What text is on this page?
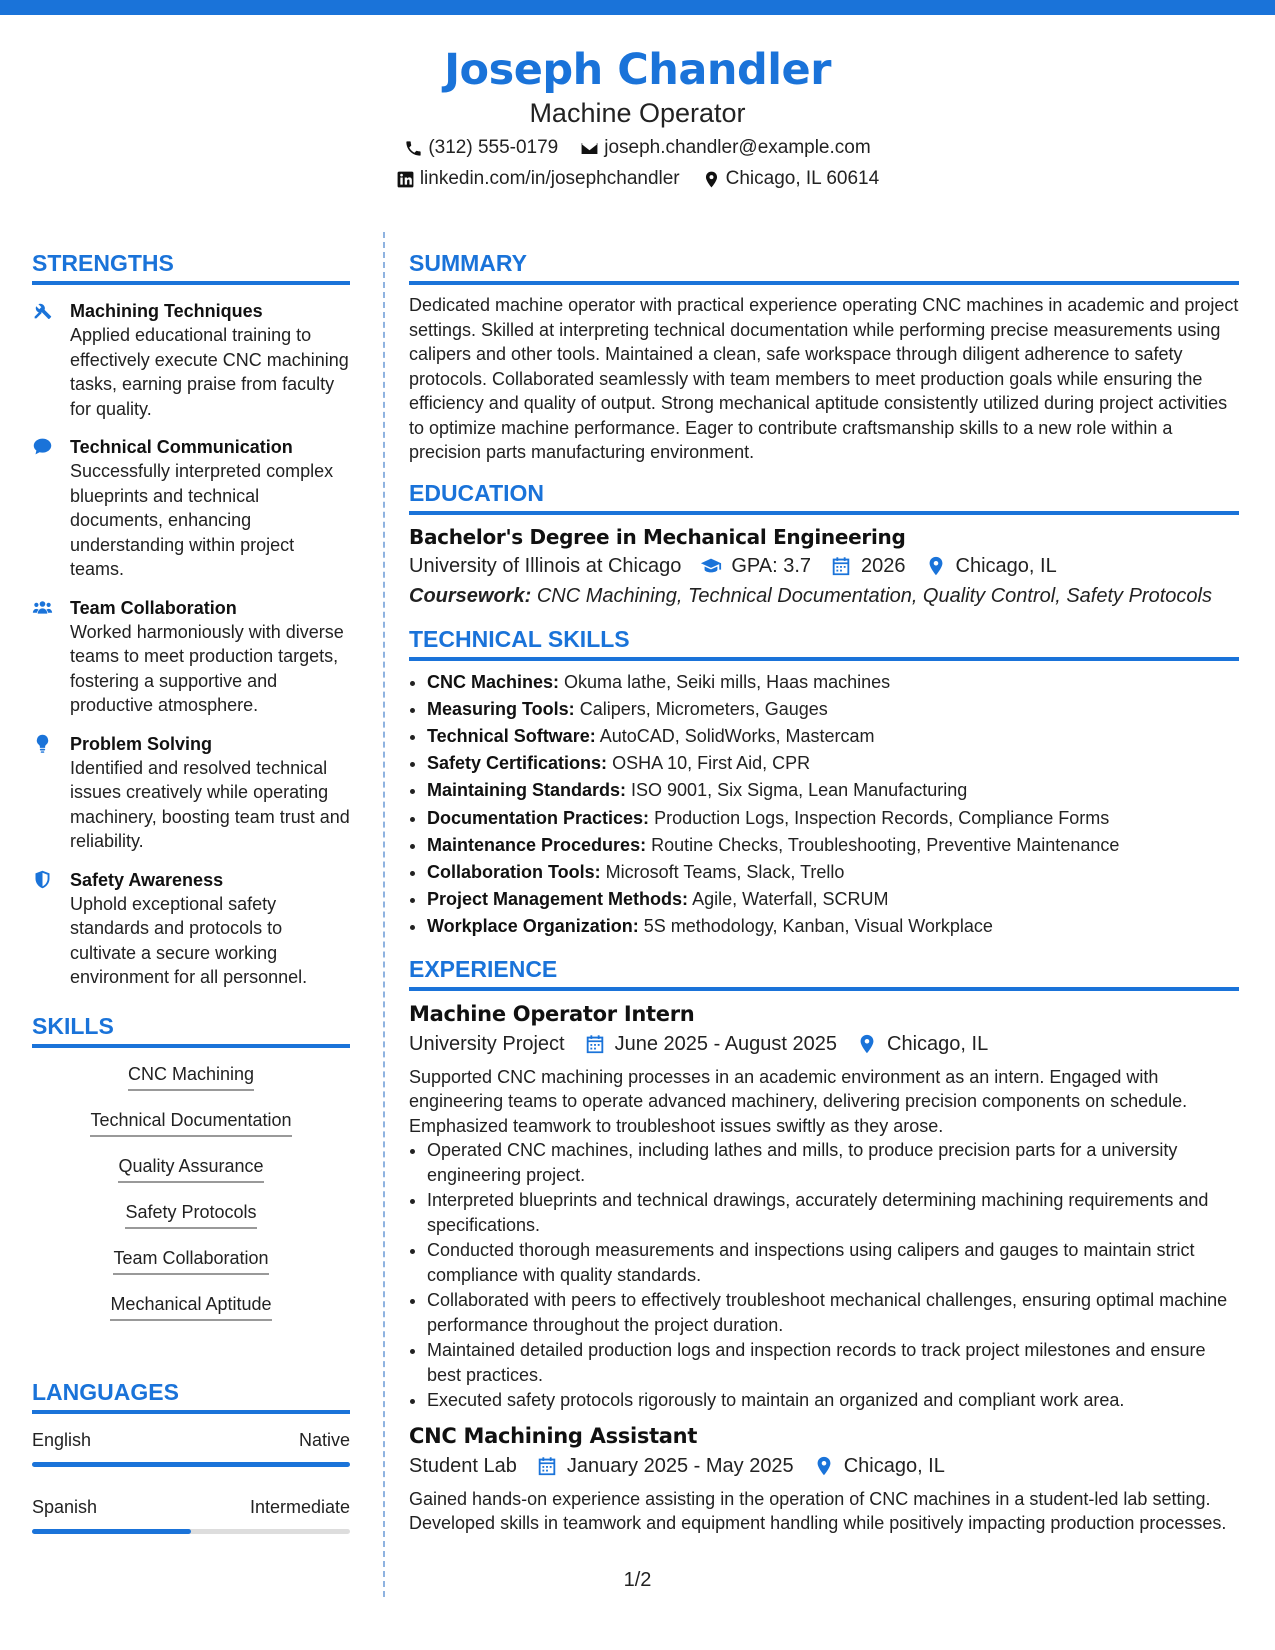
Joseph Chandler
Machine Operator
(312) 555-0179 joseph.chandler@example.com
linkedin.com/in/josephchandler Chicago, IL 60614
STRENGTHS
Machining Techniques
Applied educational training to effectively execute CNC machining tasks, earning praise from faculty for quality.
Technical Communication
Successfully interpreted complex blueprints and technical documents, enhancing understanding within project teams.
Team Collaboration
Worked harmoniously with diverse teams to meet production targets, fostering a supportive and productive atmosphere.
Problem Solving
Identified and resolved technical issues creatively while operating machinery, boosting team trust and reliability.
Safety Awareness
Uphold exceptional safety standards and protocols to cultivate a secure working environment for all personnel.
SKILLS
CNC Machining
Technical Documentation
Quality Assurance
Safety Protocols
Team Collaboration
Mechanical Aptitude
LANGUAGES
English	Native
Spanish	Intermediate
SUMMARY
Dedicated machine operator with practical experience operating CNC machines in academic and project settings. Skilled at interpreting technical documentation while performing precise measurements using calipers and other tools. Maintained a clean, safe workspace through diligent adherence to safety protocols. Collaborated seamlessly with team members to meet production goals while ensuring the efficiency and quality of output. Strong mechanical aptitude consistently utilized during project activities to optimize machine performance. Eager to contribute craftsmanship skills to a new role within a precision parts manufacturing environment.
EDUCATION
Bachelor's Degree in Mechanical Engineering
University of Illinois at Chicago	GPA: 3.7	2026	Chicago, IL
Coursework: CNC Machining, Technical Documentation, Quality Control, Safety Protocols
TECHNICAL SKILLS
• CNC Machines: Okuma lathe, Seiki mills, Haas machines
• Measuring Tools: Calipers, Micrometers, Gauges
• Technical Software: AutoCAD, SolidWorks, Mastercam
• Safety Certifications: OSHA 10, First Aid, CPR
• Maintaining Standards: ISO 9001, Six Sigma, Lean Manufacturing
• Documentation Practices: Production Logs, Inspection Records, Compliance Forms
• Maintenance Procedures: Routine Checks, Troubleshooting, Preventive Maintenance
• Collaboration Tools: Microsoft Teams, Slack, Trello
• Project Management Methods: Agile, Waterfall, SCRUM
• Workplace Organization: 5S methodology, Kanban, Visual Workplace
EXPERIENCE
Machine Operator Intern
University Project	June 2025 - August 2025	Chicago, IL
Supported CNC machining processes in an academic environment as an intern. Engaged with engineering teams to operate advanced machinery, delivering precision components on schedule. Emphasized teamwork to troubleshoot issues swiftly as they arose.
• Operated CNC machines, including lathes and mills, to produce precision parts for a university engineering project.
• Interpreted blueprints and technical drawings, accurately determining machining requirements and specifications.
• Conducted thorough measurements and inspections using calipers and gauges to maintain strict compliance with quality standards.
• Collaborated with peers to effectively troubleshoot mechanical challenges, ensuring optimal machine performance throughout the project duration.
• Maintained detailed production logs and inspection records to track project milestones and ensure best practices.
• Executed safety protocols rigorously to maintain an organized and compliant work area.
CNC Machining Assistant
Student Lab	January 2025 - May 2025	Chicago, IL
Gained hands-on experience assisting in the operation of CNC machines in a student-led lab setting. Developed skills in teamwork and equipment handling while positively impacting production processes.
1/2
